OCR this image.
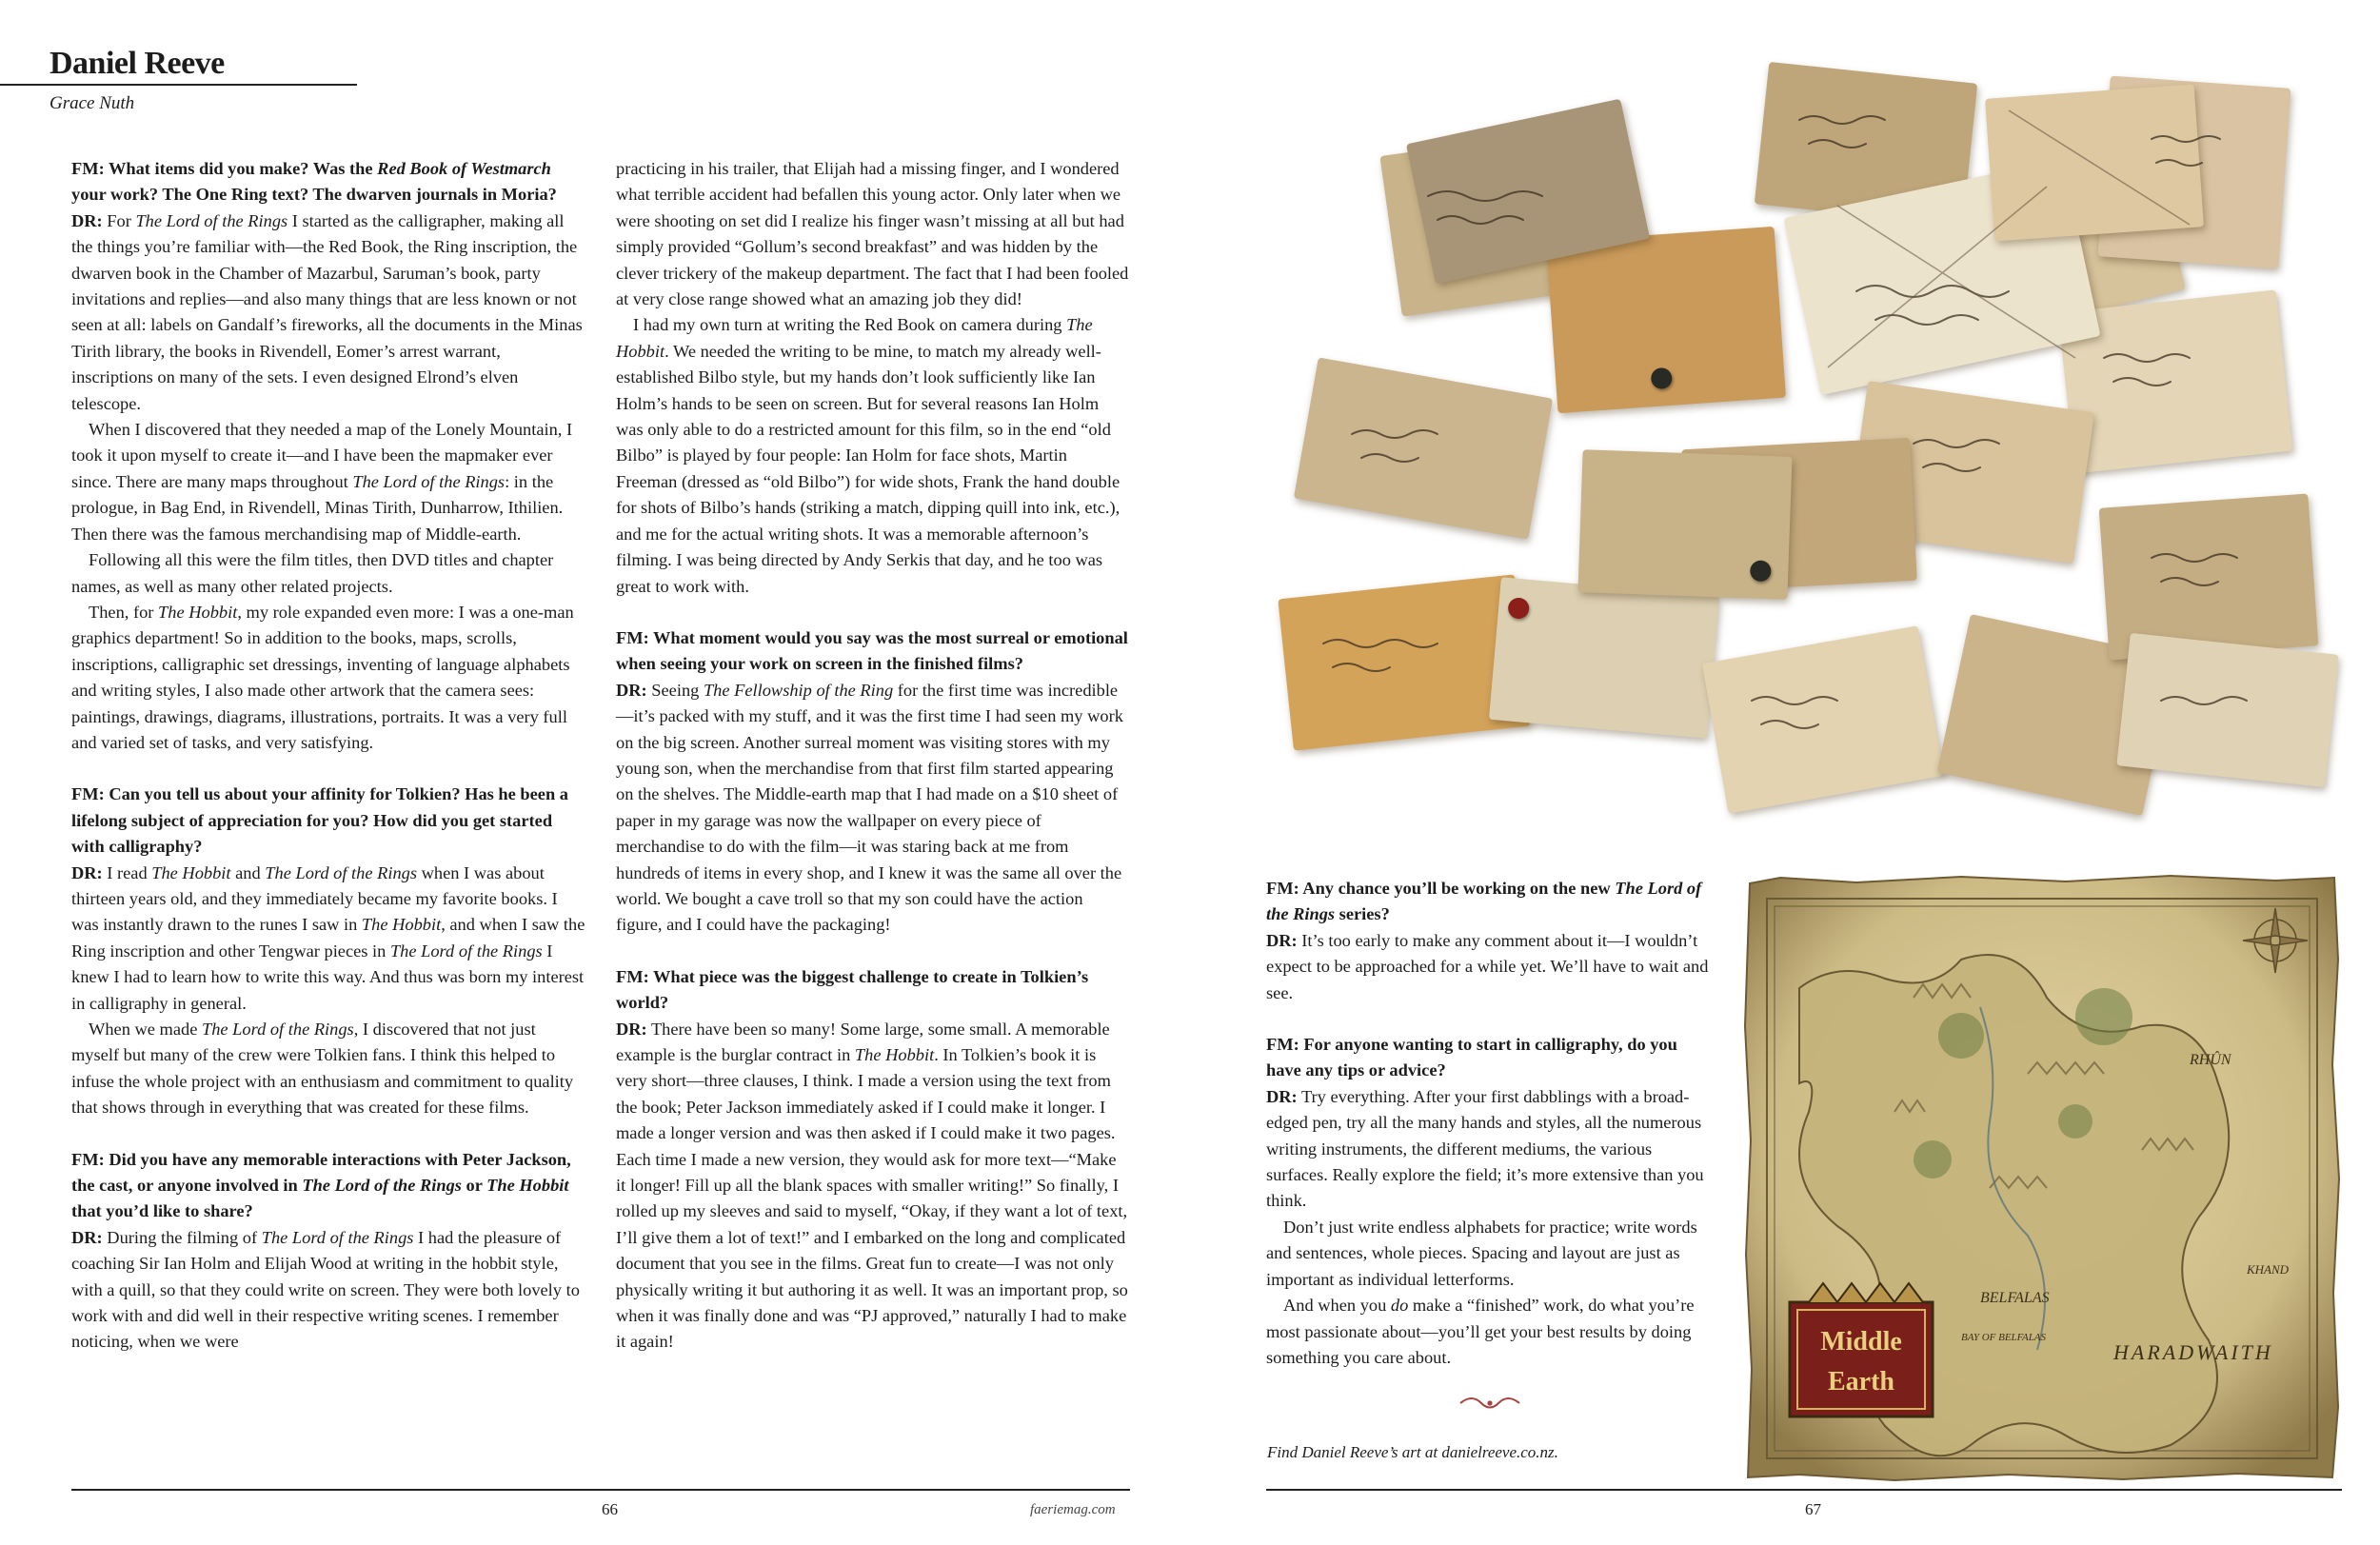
Daniel Reeve
Grace Nuth

FM: What items did you make? Was the Red Book of Westmarch your work? The One Ring text? The dwarven journals in Moria?

DR: For The Lord of the Rings I started as the calligrapher, making all the things you’re familiar with—the Red Book, the Ring inscription, the dwarven book in the Chamber of Mazarbul, Saruman’s book, party invitations and replies—and also many things that are less known or not seen at all: labels on Gandalf’s fireworks, all the documents in the Minas Tirith library, the books in Rivendell, Eomer’s arrest warrant, inscriptions on many of the sets. I even designed Elrond’s elven telescope.

When I discovered that they needed a map of the Lonely Mountain, I took it upon myself to create it—and I have been the mapmaker ever since. There are many maps throughout The Lord of the Rings: in the prologue, in Bag End, in Rivendell, Minas Tirith, Dunharrow, Ithilien. Then there was the famous merchandising map of Middle-earth.

Following all this were the film titles, then DVD titles and chapter names, as well as many other related projects.

Then, for The Hobbit, my role expanded even more: I was a one-man graphics department! So in addition to the books, maps, scrolls, inscriptions, calligraphic set dressings, inventing of language alphabets and writing styles, I also made other artwork that the camera sees: paintings, drawings, diagrams, illustrations, portraits. It was a very full and varied set of tasks, and very satisfying.

FM: Can you tell us about your affinity for Tolkien? Has he been a lifelong subject of appreciation for you? How did you get started with calligraphy?

DR: I read The Hobbit and The Lord of the Rings when I was about thirteen years old, and they immediately became my favorite books. I was instantly drawn to the runes I saw in The Hobbit, and when I saw the Ring inscription and other Tengwar pieces in The Lord of the Rings I knew I had to learn how to write this way. And thus was born my interest in calligraphy in general.

When we made The Lord of the Rings, I discovered that not just myself but many of the crew were Tolkien fans. I think this helped to infuse the whole project with an enthusiasm and commitment to quality that shows through in everything that was created for these films.

FM: Did you have any memorable interactions with Peter Jackson, the cast, or anyone involved in The Lord of the Rings or The Hobbit that you’d like to share?

DR: During the filming of The Lord of the Rings I had the pleasure of coaching Sir Ian Holm and Elijah Wood at writing in the hobbit style, with a quill, so that they could write on screen. They were both lovely to work with and did well in their respective writing scenes. I remember noticing, when we were

practicing in his trailer, that Elijah had a missing finger, and I wondered what terrible accident had befallen this young actor. Only later when we were shooting on set did I realize his finger wasn’t missing at all but had simply provided “Gollum’s second breakfast” and was hidden by the clever trickery of the makeup department. The fact that I had been fooled at very close range showed what an amazing job they did!

I had my own turn at writing the Red Book on camera during The Hobbit. We needed the writing to be mine, to match my already well-established Bilbo style, but my hands don’t look sufficiently like Ian Holm’s hands to be seen on screen. But for several reasons Ian Holm was only able to do a restricted amount for this film, so in the end “old Bilbo” is played by four people: Ian Holm for face shots, Martin Freeman (dressed as “old Bilbo”) for wide shots, Frank the hand double for shots of Bilbo’s hands (striking a match, dipping quill into ink, etc.), and me for the actual writing shots. It was a memorable afternoon’s filming. I was being directed by Andy Serkis that day, and he too was great to work with.

FM: What moment would you say was the most surreal or emotional when seeing your work on screen in the finished films?

DR: Seeing The Fellowship of the Ring for the first time was incredible—it’s packed with my stuff, and it was the first time I had seen my work on the big screen. Another surreal moment was visiting stores with my young son, when the merchandise from that first film started appearing on the shelves. The Middle-earth map that I had made on a $10 sheet of paper in my garage was now the wallpaper on every piece of merchandise to do with the film—it was staring back at me from hundreds of items in every shop, and I knew it was the same all over the world. We bought a cave troll so that my son could have the action figure, and I could have the packaging!

FM: What piece was the biggest challenge to create in Tolkien’s world?

DR: There have been so many! Some large, some small. A memorable example is the burglar contract in The Hobbit. In Tolkien’s book it is very short—three clauses, I think. I made a version using the text from the book; Peter Jackson immediately asked if I could make it longer. I made a longer version and was then asked if I could make it two pages. Each time I made a new version, they would ask for more text—“Make it longer! Fill up all the blank spaces with smaller writing!” So finally, I rolled up my sleeves and said to myself, “Okay, if they want a lot of text, I’ll give them a lot of text!” and I embarked on the long and complicated document that you see in the films. Great fun to create—I was not only physically writing it but authoring it as well. It was an important prop, so when it was finally done and was “PJ approved,” naturally I had to make it again!

FM: Any chance you’ll be working on the new The Lord of the Rings series?

DR: It’s too early to make any comment about it—I wouldn’t expect to be approached for a while yet. We’ll have to wait and see.

FM: For anyone wanting to start in calligraphy, do you have any tips or advice?

DR: Try everything. After your first dabblings with a broad-edged pen, try all the many hands and styles, all the numerous writing instruments, the different mediums, the various surfaces. Really explore the field; it’s more extensive than you think.

Don’t just write endless alphabets for practice; write words and sentences, whole pieces. Spacing and layout are just as important as individual letterforms.

And when you do make a “finished” work, do what you’re most passionate about—you’ll get your best results by doing something you care about.

Find Daniel Reeve’s art at danielreeve.co.nz.
Middle
Earth
BELFALAS
HARADWAITH
RHÛN
KHAND
BAY OF BELFALAS
66	faeriemag.com	67
